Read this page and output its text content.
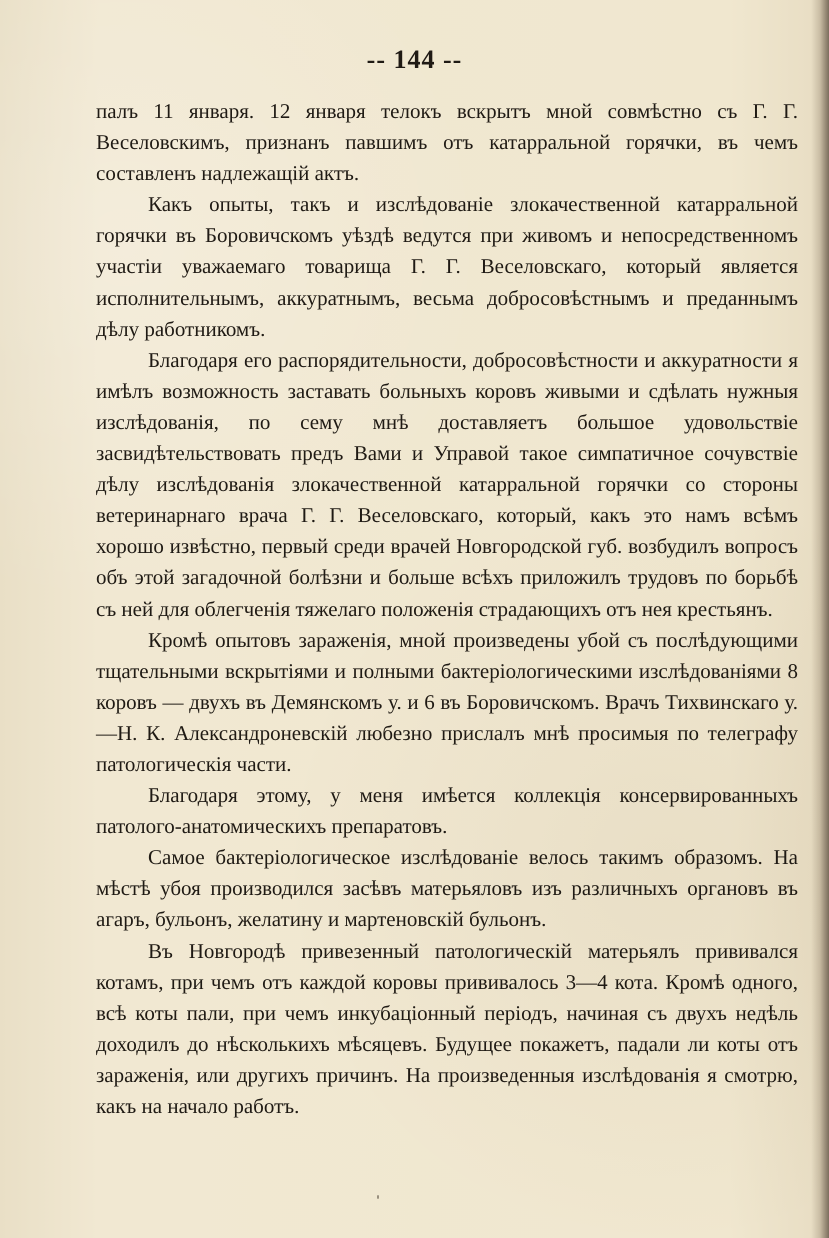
-- 144 --

палъ 11 января. 12 января телокъ вскрытъ мной совмѣстно съ Г. Г. Веселовскимъ, признанъ павшимъ отъ катарральной горячки, въ чемъ составленъ надлежащій актъ.

Какъ опыты, такъ и изслѣдованіе злокачественной катарральной горячки въ Боровичскомъ уѣздѣ ведутся при живомъ и непосредственномъ участіи уважаемаго товарища Г. Г. Веселовскаго, который является исполнительнымъ, аккуратнымъ, весьма добросовѣстнымъ и преданнымъ дѣлу работникомъ.

Благодаря его распорядительности, добросовѣстности и аккуратности я имѣлъ возможность заставать больныхъ коровъ живыми и сдѣлать нужныя изслѣдованія, по сему мнѣ доставляетъ большое удовольствіе засвидѣтельствовать предъ Вами и Управой такое симпатичное сочувствіе дѣлу изслѣдованія злокачественной катарральной горячки со стороны ветеринарнаго врача Г. Г. Веселовскаго, который, какъ это намъ всѣмъ хорошо извѣстно, первый среди врачей Новгородской губ. возбудилъ вопросъ объ этой загадочной болѣзни и больше всѣхъ приложилъ трудовъ по борьбѣ съ ней для облегченія тяжелаго положенія страдающихъ отъ нея крестьянъ.

Кромѣ опытовъ зараженія, мной произведены убой съ послѣдующими тщательными вскрытіями и полными бактеріологическими изслѣдованіями 8 коровъ — двухъ въ Демянскомъ у. и 6 въ Боровичскомъ. Врачъ Тихвинскаго у.—Н. К. Александроневскій любезно прислалъ мнѣ просимыя по телеграфу патологическія части.

Благодаря этому, у меня имѣется коллекція консервированныхъ патолого-анатомическихъ препаратовъ.

Самое бактеріологическое изслѣдованіе велось такимъ образомъ. На мѣстѣ убоя производился засѣвъ матерьяловъ изъ различныхъ органовъ въ агаръ, бульонъ, желатину и мартеновскій бульонъ.

Въ Новгородѣ привезенный патологическій матерьялъ прививался котамъ, при чемъ отъ каждой коровы прививалось 3—4 кота. Кромѣ одного, всѣ коты пали, при чемъ инкубаціонный періодъ, начиная съ двухъ недѣль доходилъ до нѣсколькихъ мѣсяцевъ. Будущее покажетъ, падали ли коты отъ зараженія, или другихъ причинъ. На произведенныя изслѣдованія я смотрю, какъ на начало работъ.
